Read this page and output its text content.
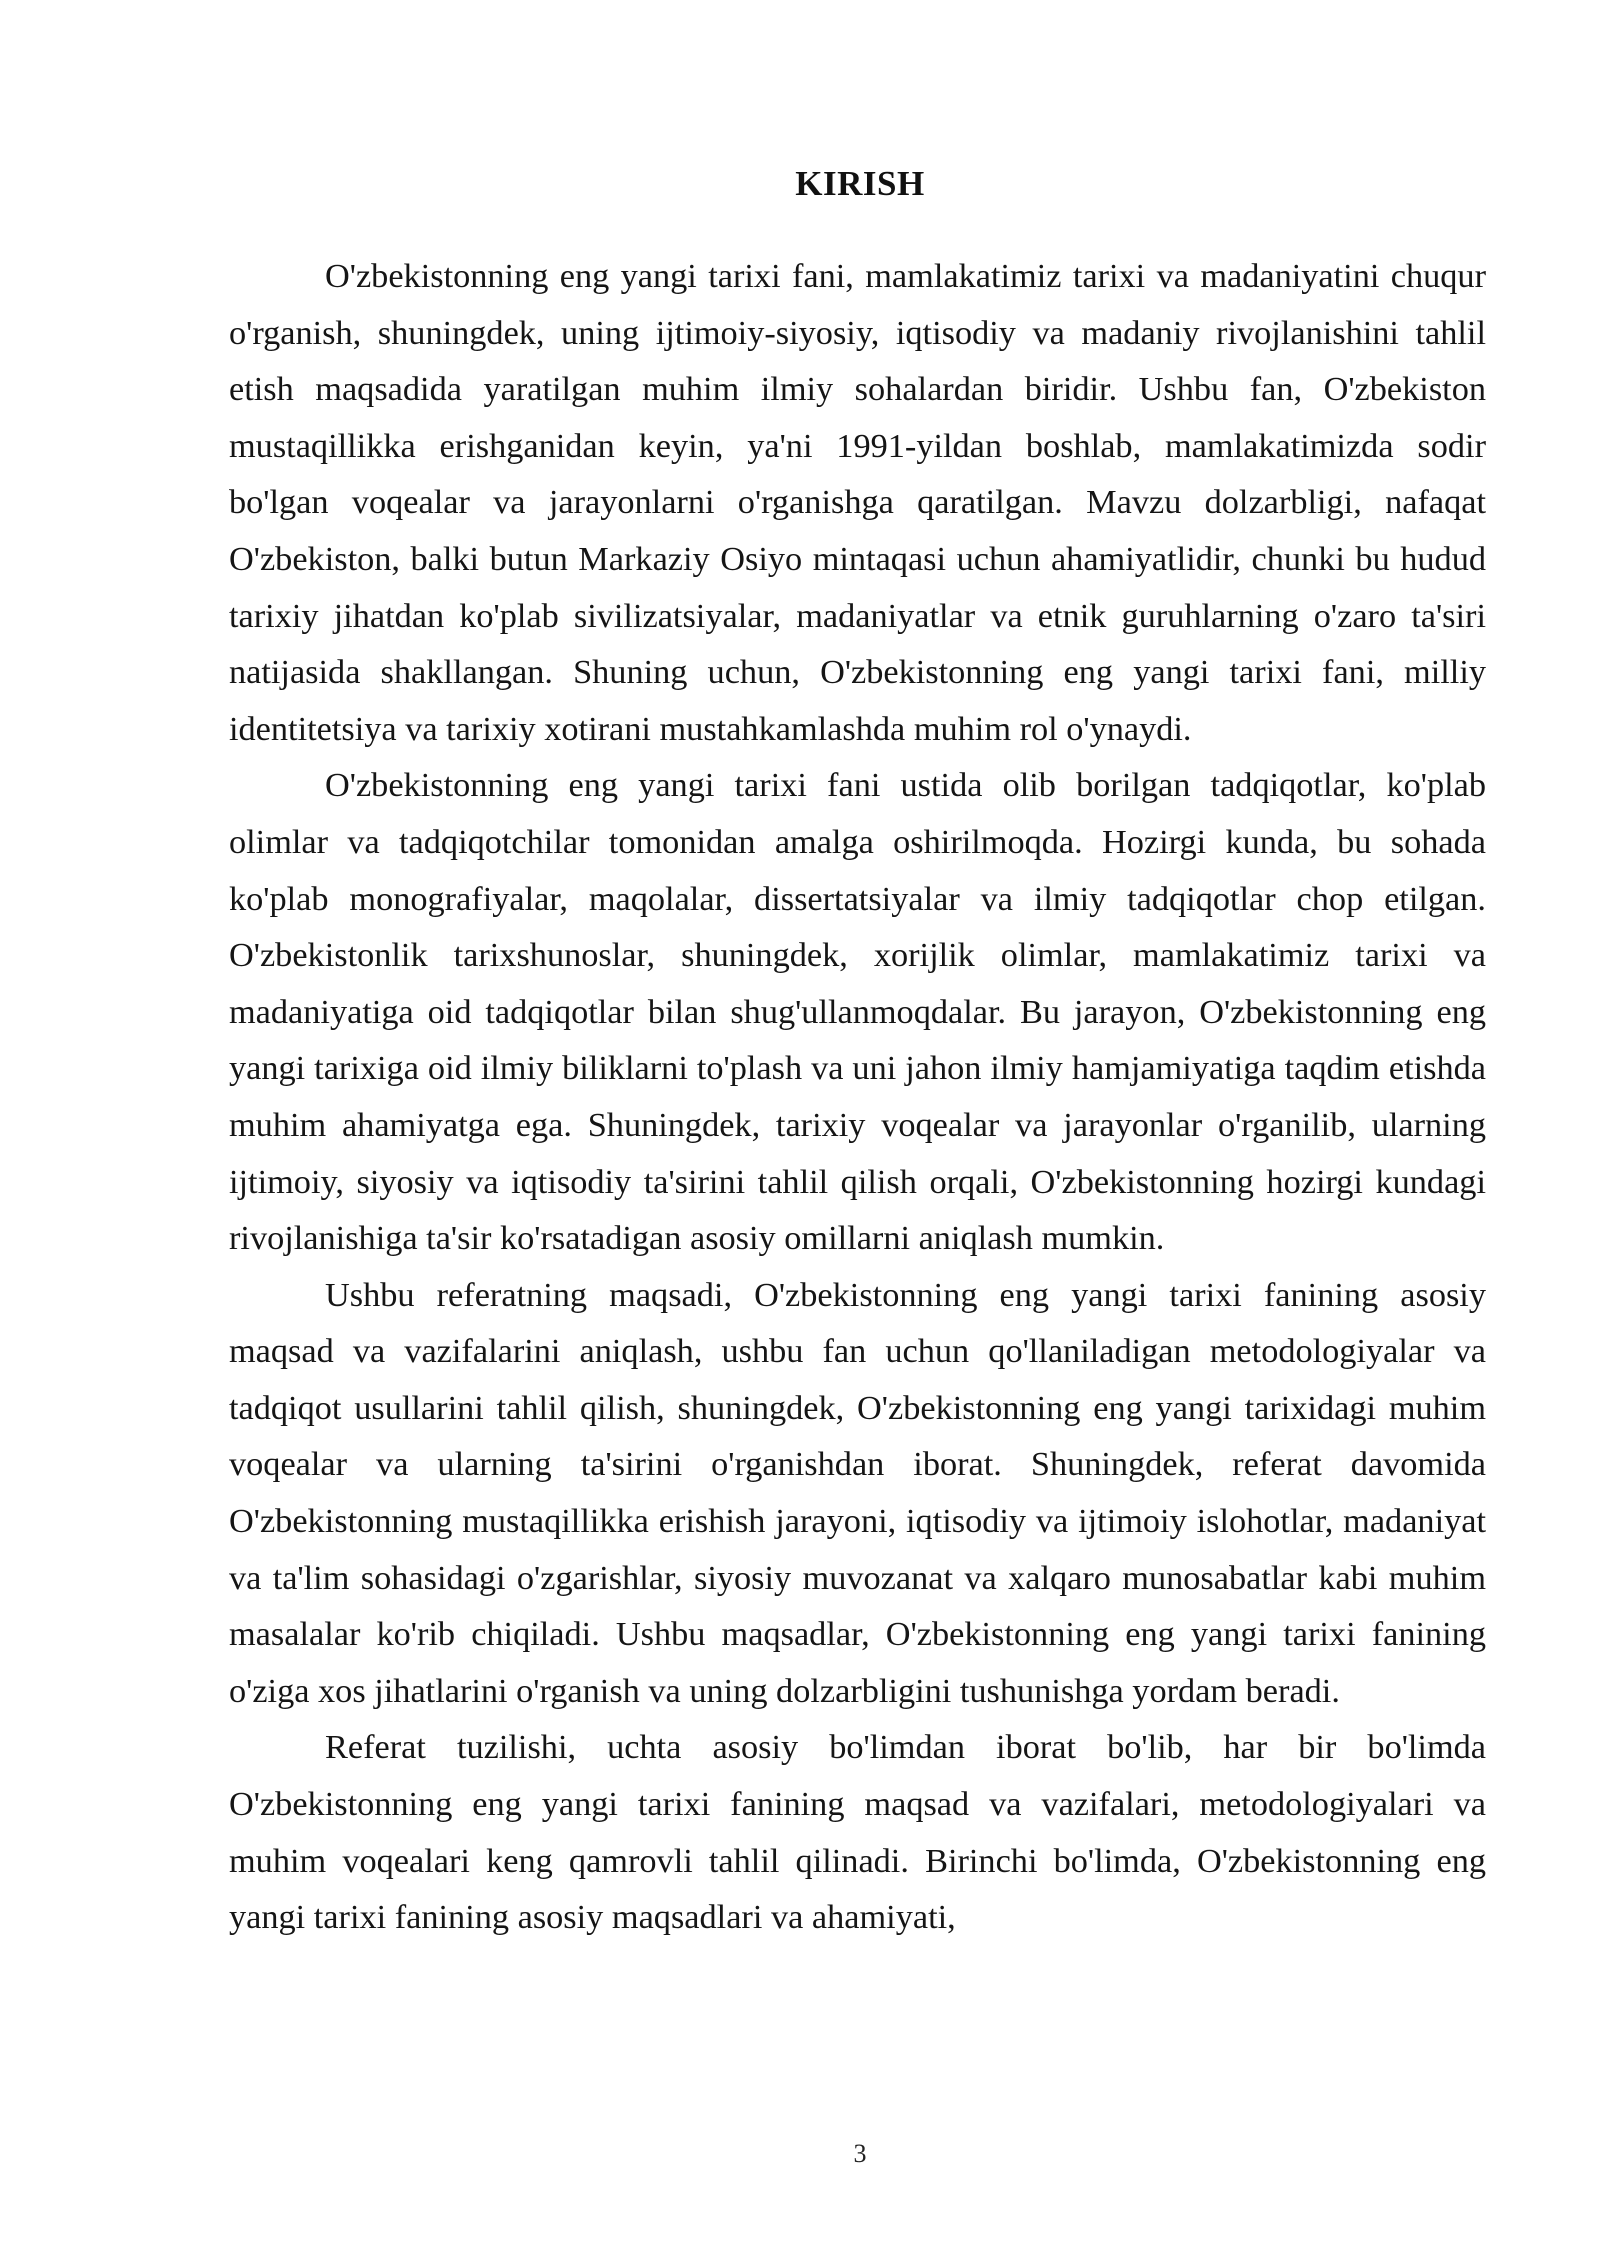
KIRISH

O'zbekistonning eng yangi tarixi fani, mamlakatimiz tarixi va madaniyatini chuqur o'rganish, shuningdek, uning ijtimoiy-siyosiy, iqtisodiy va madaniy rivojlanishini tahlil etish maqsadida yaratilgan muhim ilmiy sohalardan biridir. Ushbu fan, O'zbekiston mustaqillikka erishganidan keyin, ya'ni 1991-yildan boshlab, mamlakatimizda sodir bo'lgan voqealar va jarayonlarni o'rganishga qaratilgan. Mavzu dolzarbligi, nafaqat O'zbekiston, balki butun Markaziy Osiyo mintaqasi uchun ahamiyatlidir, chunki bu hudud tarixiy jihatdan ko'plab sivilizatsiyalar, madaniyatlar va etnik guruhlarning o'zaro ta'siri natijasida shakllangan. Shuning uchun, O'zbekistonning eng yangi tarixi fani, milliy identitetsiya va tarixiy xotirani mustahkamlashda muhim rol o'ynaydi.

O'zbekistonning eng yangi tarixi fani ustida olib borilgan tadqiqotlar, ko'plab olimlar va tadqiqotchilar tomonidan amalga oshirilmoqda. Hozirgi kunda, bu sohada ko'plab monografiyalar, maqolalar, dissertatsiyalar va ilmiy tadqiqotlar chop etilgan. O'zbekistonlik tarixshunoslar, shuningdek, xorijlik olimlar, mamlakatimiz tarixi va madaniyatiga oid tadqiqotlar bilan shug'ullanmoqdalar. Bu jarayon, O'zbekistonning eng yangi tarixiga oid ilmiy biliklarni to'plash va uni jahon ilmiy hamjamiyatiga taqdim etishda muhim ahamiyatga ega. Shuningdek, tarixiy voqealar va jarayonlar o'rganilib, ularning ijtimoiy, siyosiy va iqtisodiy ta'sirini tahlil qilish orqali, O'zbekistonning hozirgi kundagi rivojlanishiga ta'sir ko'rsatadigan asosiy omillarni aniqlash mumkin.

Ushbu referatning maqsadi, O'zbekistonning eng yangi tarixi fanining asosiy maqsad va vazifalarini aniqlash, ushbu fan uchun qo'llaniladigan metodologiyalar va tadqiqot usullarini tahlil qilish, shuningdek, O'zbekistonning eng yangi tarixidagi muhim voqealar va ularning ta'sirini o'rganishdan iborat. Shuningdek, referat davomida O'zbekistonning mustaqillikka erishish jarayoni, iqtisodiy va ijtimoiy islohotlar, madaniyat va ta'lim sohasidagi o'zgarishlar, siyosiy muvozanat va xalqaro munosabatlar kabi muhim masalalar ko'rib chiqiladi. Ushbu maqsadlar, O'zbekistonning eng yangi tarixi fanining o'ziga xos jihatlarini o'rganish va uning dolzarbligini tushunishga yordam beradi.

Referat tuzilishi, uchta asosiy bo'limdan iborat bo'lib, har bir bo'limda O'zbekistonning eng yangi tarixi fanining maqsad va vazifalari, metodologiyalari va muhim voqealari keng qamrovli tahlil qilinadi. Birinchi bo'limda, O'zbekistonning eng yangi tarixi fanining asosiy maqsadlari va ahamiyati,

3
